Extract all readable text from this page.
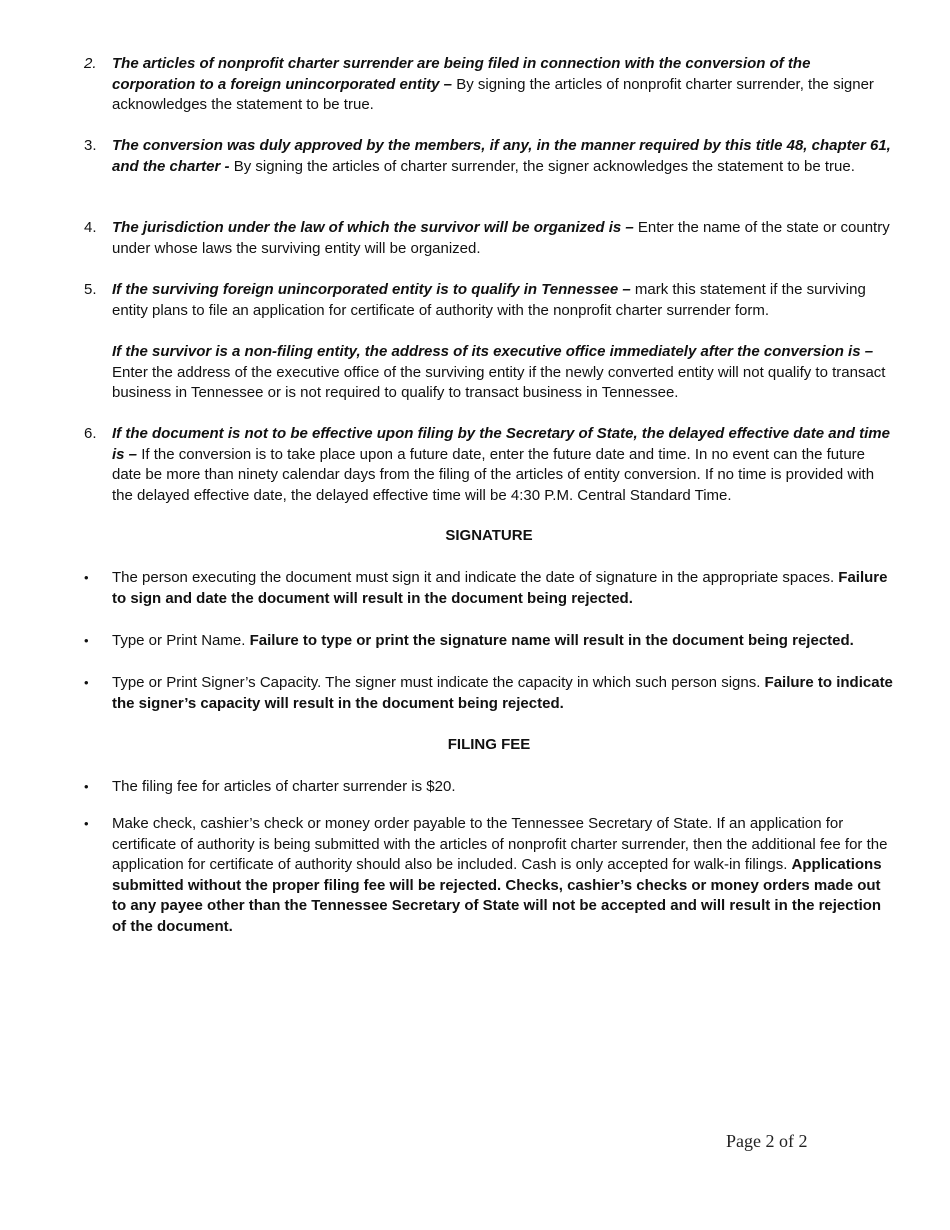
2.	The articles of nonprofit charter surrender are being filed in connection with the conversion of the corporation to a foreign unincorporated entity – By signing the articles of nonprofit charter surrender, the signer acknowledges the statement to be true.
3.	The conversion was duly approved by the members, if any, in the manner required by this title 48, chapter 61, and the charter - By signing the articles of charter surrender, the signer acknowledges the statement to be true.
4.	The jurisdiction under the law of which the survivor will be organized is – Enter the name of the state or country under whose laws the surviving entity will be organized.
5.	If the surviving foreign unincorporated entity is to qualify in Tennessee – mark this statement if the surviving entity plans to file an application for certificate of authority with the nonprofit charter surrender form.
If the survivor is a non-filing entity, the address of its executive office immediately after the conversion is – Enter the address of the executive office of the surviving entity if the newly converted entity will not qualify to transact business in Tennessee or is not required to qualify to transact business in Tennessee.
6.	If the document is not to be effective upon filing by the Secretary of State, the delayed effective date and time is – If the conversion is to take place upon a future date, enter the future date and time. In no event can the future date be more than ninety calendar days from the filing of the articles of entity conversion. If no time is provided with the delayed effective date, the delayed effective time will be 4:30 P.M. Central Standard Time.
SIGNATURE
•	The person executing the document must sign it and indicate the date of signature in the appropriate spaces. Failure to sign and date the document will result in the document being rejected.
•	Type or Print Name. Failure to type or print the signature name will result in the document being rejected.
•	Type or Print Signer’s Capacity. The signer must indicate the capacity in which such person signs. Failure to indicate the signer’s capacity will result in the document being rejected.
FILING FEE
•	The filing fee for articles of charter surrender is $20.
•	Make check, cashier’s check or money order payable to the Tennessee Secretary of State. If an application for certificate of authority is being submitted with the articles of nonprofit charter surrender, then the additional fee for the application for certificate of authority should also be included. Cash is only accepted for walk-in filings. Applications submitted without the proper filing fee will be rejected. Checks, cashier’s checks or money orders made out to any payee other than the Tennessee Secretary of State will not be accepted and will result in the rejection of the document.
Page 2 of 2
